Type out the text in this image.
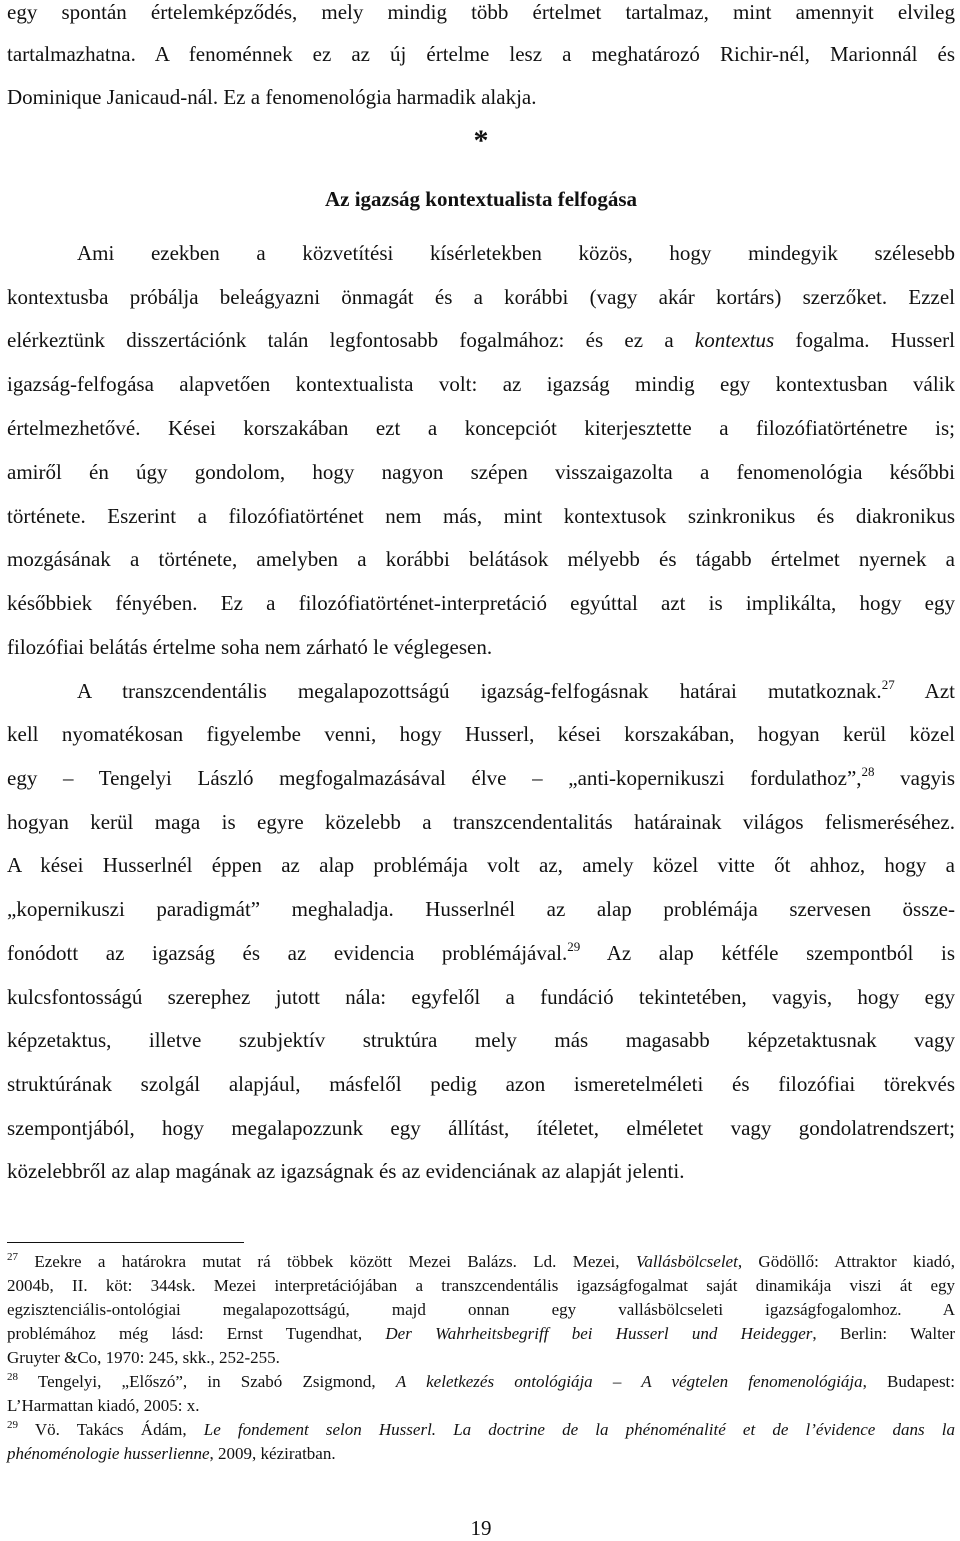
egy spontán értelemképződés, mely mindig több értelmet tartalmaz, mint amennyit elvileg
tartalmazhatna. A fenoménnek ez az új értelme lesz a meghatározó Richir-nél, Marionnál és
Dominique Janicaud-nál. Ez a fenomenológia harmadik alakja.
*
Az igazság kontextualista felfogása
Ami ezekben a közvetítési kísérletekben közös, hogy mindegyik szélesebb
kontextusba próbálja beleágyazni önmagát és a korábbi (vagy akár kortárs) szerzőket. Ezzel
elérkeztünk disszertációnk talán legfontosabb fogalmához: és ez a kontextus fogalma. Husserl
igazság-felfogása alapvetően kontextualista volt: az igazság mindig egy kontextusban válik
értelmezhetővé. Kései korszakában ezt a koncepciót kiterjesztette a filozófiatörténetre is;
amiről én úgy gondolom, hogy nagyon szépen visszaigazolta a fenomenológia későbbi
története. Eszerint a filozófiatörténet nem más, mint kontextusok szinkronikus és diakronikus
mozgásának a története, amelyben a korábbi belátások mélyebb és tágabb értelmet nyernek a
későbbiek fényében. Ez a filozófiatörténet-interpretáció egyúttal azt is implikálta, hogy egy
filozófiai belátás értelme soha nem zárható le véglegesen.
A transzcendentális megalapozottságú igazság-felfogásnak határai mutatkoznak.$^{27}$ Azt
kell nyomatékosan figyelembe venni, hogy Husserl, kései korszakában, hogyan kerül közel
egy – Tengelyi László megfogalmazásával élve – „anti-kopernikuszi fordulathoz”,$^{28}$ vagyis
hogyan kerül maga is egyre közelebb a transzcendentalitás határainak világos felismeréséhez.
A kései Husserlnél éppen az alap problémája volt az, amely közel vitte őt ahhoz, hogy a
„kopernikuszi paradigmát” meghaladja. Husserlnél az alap problémája szervesen össze-
fonódott az igazság és az evidencia problémájával.$^{29}$ Az alap kétféle szempontból is
kulcsfontosságú szerephez jutott nála: egyfelől a fundáció tekintetében, vagyis, hogy egy
képzetaktus, illetve szubjektív struktúra mely más magasabb képzetaktusnak vagy
struktúrának szolgál alapjául, másfelől pedig azon ismeretelméleti és filozófiai törekvés
szempontjából, hogy megalapozzunk egy állítást, ítéletet, elméletet vagy gondolatrendszert;
közelebbről az alap magának az igazságnak és az evidenciának az alapját jelenti.
$^{27}$ Ezekre a határokra mutat rá többek között Mezei Balázs. Ld. Mezei, Vallásbölcselet, Gödöllő: Attraktor kiadó,
2004b, II. köt: 344sk. Mezei interpretációjában a transzcendentális igazságfogalmat saját dinamikája viszi át egy
egzisztenciális-ontológiai megalapozottságú, majd onnan egy vallásbölcseleti igazságfogalomhoz. A
problémához még lásd: Ernst Tugendhat, Der Wahrheitsbegriff bei Husserl und Heidegger, Berlin: Walter
Gruyter &Co, 1970: 245, skk., 252-255.
$^{28}$ Tengelyi, „Előszó”, in Szabó Zsigmond, A keletkezés ontológiája – A végtelen fenomenológiája, Budapest:
L’Harmattan kiadó, 2005: x.
$^{29}$ Vö. Takács Ádám, Le fondement selon Husserl. La doctrine de la phénoménalité et de l’évidence dans la
phénoménologie husserlienne, 2009, kéziratban.
19
